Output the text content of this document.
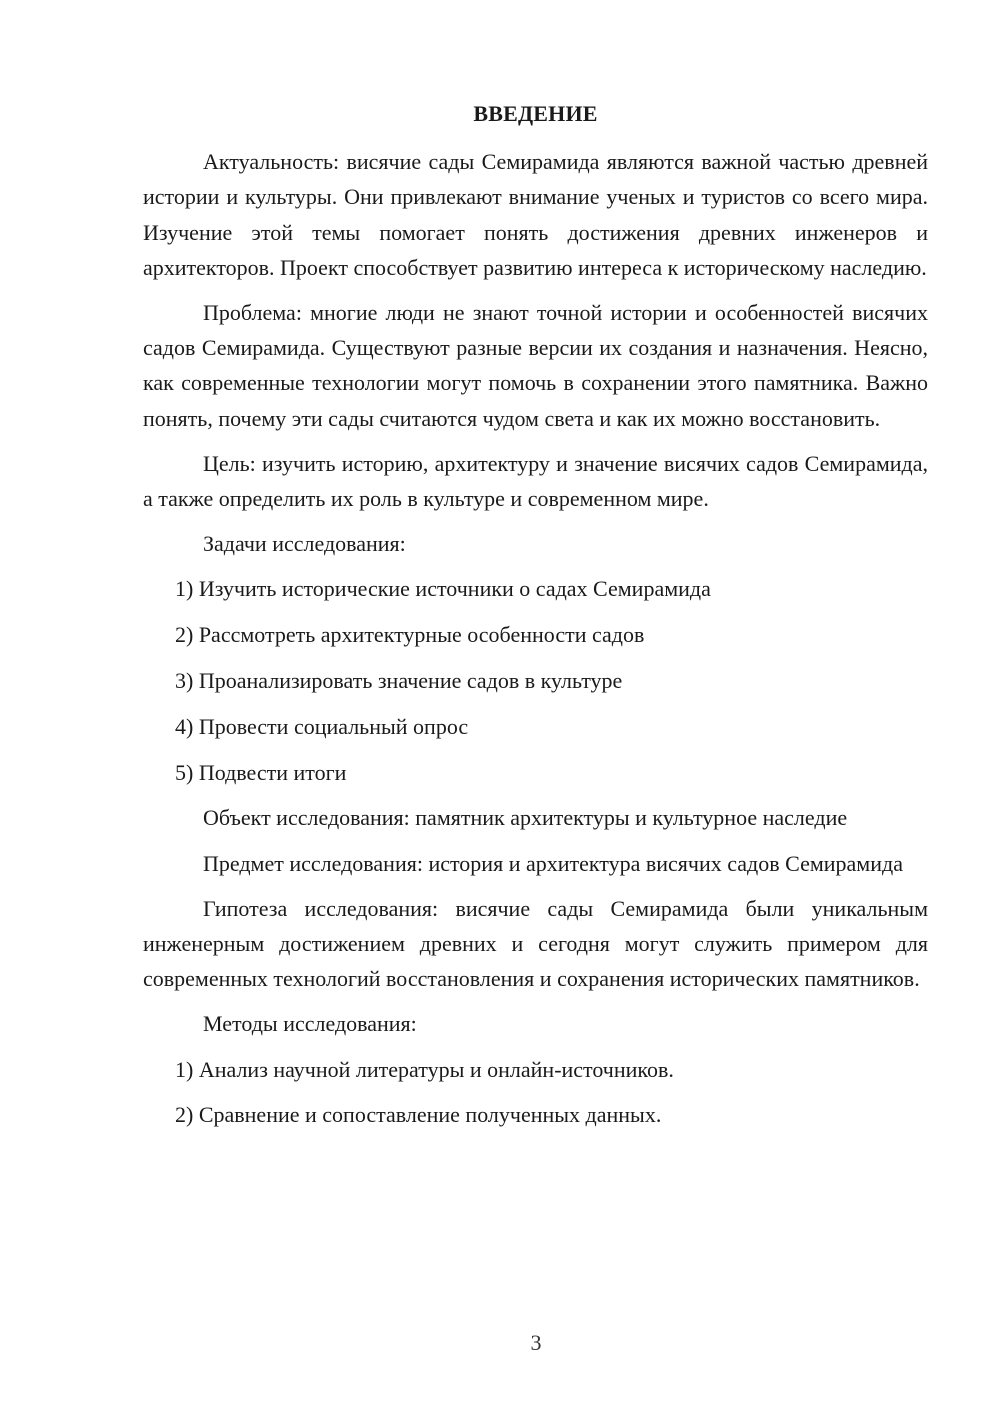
ВВЕДЕНИЕ

Актуальность: висячие сады Семирамида являются важной частью древней истории и культуры. Они привлекают внимание ученых и туристов со всего мира. Изучение этой темы помогает понять достижения древних инженеров и архитекторов. Проект способствует развитию интереса к историческому наследию.

Проблема: многие люди не знают точной истории и особенностей висячих садов Семирамида. Существуют разные версии их создания и назначения. Неясно, как современные технологии могут помочь в сохранении этого памятника. Важно понять, почему эти сады считаются чудом света и как их можно восстановить.

Цель: изучить историю, архитектуру и значение висячих садов Семирамида, а также определить их роль в культуре и современном мире.

Задачи исследования:

1) Изучить исторические источники о садах Семирамида
2) Рассмотреть архитектурные особенности садов
3) Проанализировать значение садов в культуре
4) Провести социальный опрос
5) Подвести итоги

Объект исследования: памятник архитектуры и культурное наследие

Предмет исследования: история и архитектура висячих садов Семирамида

Гипотеза исследования: висячие сады Семирамида были уникальным инженерным достижением древних и сегодня могут служить примером для современных технологий восстановления и сохранения исторических памятников.

Методы исследования:

1) Анализ научной литературы и онлайн-источников.
2) Сравнение и сопоставление полученных данных.
3
